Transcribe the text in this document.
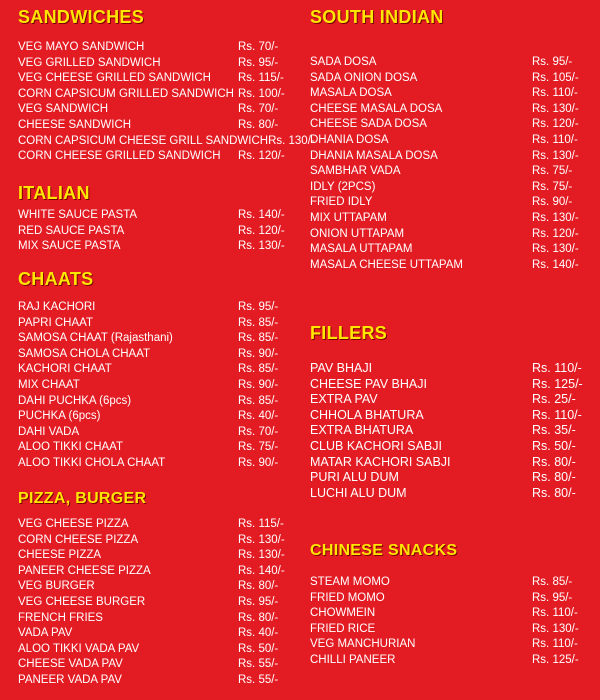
SANDWICHES
VEG MAYO SANDWICH	Rs. 70/-
VEG GRILLED SANDWICH	Rs. 95/-
VEG CHEESE GRILLED SANDWICH Rs. 115/-
CORN CAPSICUM GRILLED SANDWICH Rs. 100/-
VEG SANDWICH	Rs. 70/-
CHEESE SANDWICH	Rs. 80/-
CORN CAPSICUM CHEESE GRILL SANDWICH Rs. 130/-
CORN CHEESE GRILLED SANDWICH Rs. 120/-
ITALIAN
WHITE SAUCE PASTA	Rs. 140/-
RED SAUCE PASTA	Rs. 120/-
MIX SAUCE PASTA	Rs. 130/-
CHAATS
RAJ KACHORI	Rs. 95/-
PAPRI CHAAT	Rs. 85/-
SAMOSA CHAAT (Rajasthani)	Rs. 85/-
SAMOSA CHOLA CHAAT	Rs. 90/-
KACHORI CHAAT	Rs. 85/-
MIX CHAAT	Rs. 90/-
DAHI PUCHKA (6pcs)	Rs. 85/-
PUCHKA (6pcs)	Rs. 40/-
DAHI VADA	Rs. 70/-
ALOO TIKKI CHAAT	Rs. 75/-
ALOO TIKKI CHOLA CHAAT	Rs. 90/-
PIZZA, BURGER
VEG CHEESE PIZZA	Rs. 115/-
CORN CHEESE PIZZA	Rs. 130/-
CHEESE PIZZA	Rs. 130/-
PANEER CHEESE PIZZA	Rs. 140/-
VEG BURGER	Rs. 80/-
VEG CHEESE BURGER	Rs. 95/-
FRENCH FRIES	Rs. 80/-
VADA PAV	Rs. 40/-
ALOO TIKKI VADA PAV	Rs. 50/-
CHEESE VADA PAV	Rs. 55/-
PANEER VADA PAV	Rs. 55/-
SOUTH INDIAN
SADA DOSA	Rs. 95/-
SADA ONION DOSA	Rs. 105/-
MASALA DOSA	Rs. 110/-
CHEESE MASALA DOSA	Rs. 130/-
CHEESE SADA DOSA	Rs. 120/-
DHANIA DOSA	Rs. 110/-
DHANIA MASALA DOSA	Rs. 130/-
SAMBHAR VADA	Rs. 75/-
IDLY (2PCS)	Rs. 75/-
FRIED IDLY	Rs. 90/-
MIX UTTAPAM	Rs. 130/-
ONION UTTAPAM	Rs. 120/-
MASALA UTTAPAM	Rs. 130/-
MASALA CHEESE UTTAPAM	Rs. 140/-
FILLERS
PAV BHAJI	Rs. 110/-
CHEESE PAV BHAJI	Rs. 125/-
EXTRA PAV	Rs. 25/-
CHHOLA BHATURA	Rs. 110/-
EXTRA BHATURA	Rs. 35/-
CLUB KACHORI SABJI	Rs. 50/-
MATAR KACHORI SABJI	Rs. 80/-
PURI ALU DUM	Rs. 80/-
LUCHI ALU DUM	Rs. 80/-
CHINESE SNACKS
STEAM MOMO	Rs. 85/-
FRIED MOMO	Rs. 95/-
CHOWMEIN	Rs. 110/-
FRIED RICE	Rs. 130/-
VEG MANCHURIAN	Rs. 110/-
CHILLI PANEER	Rs. 125/-
